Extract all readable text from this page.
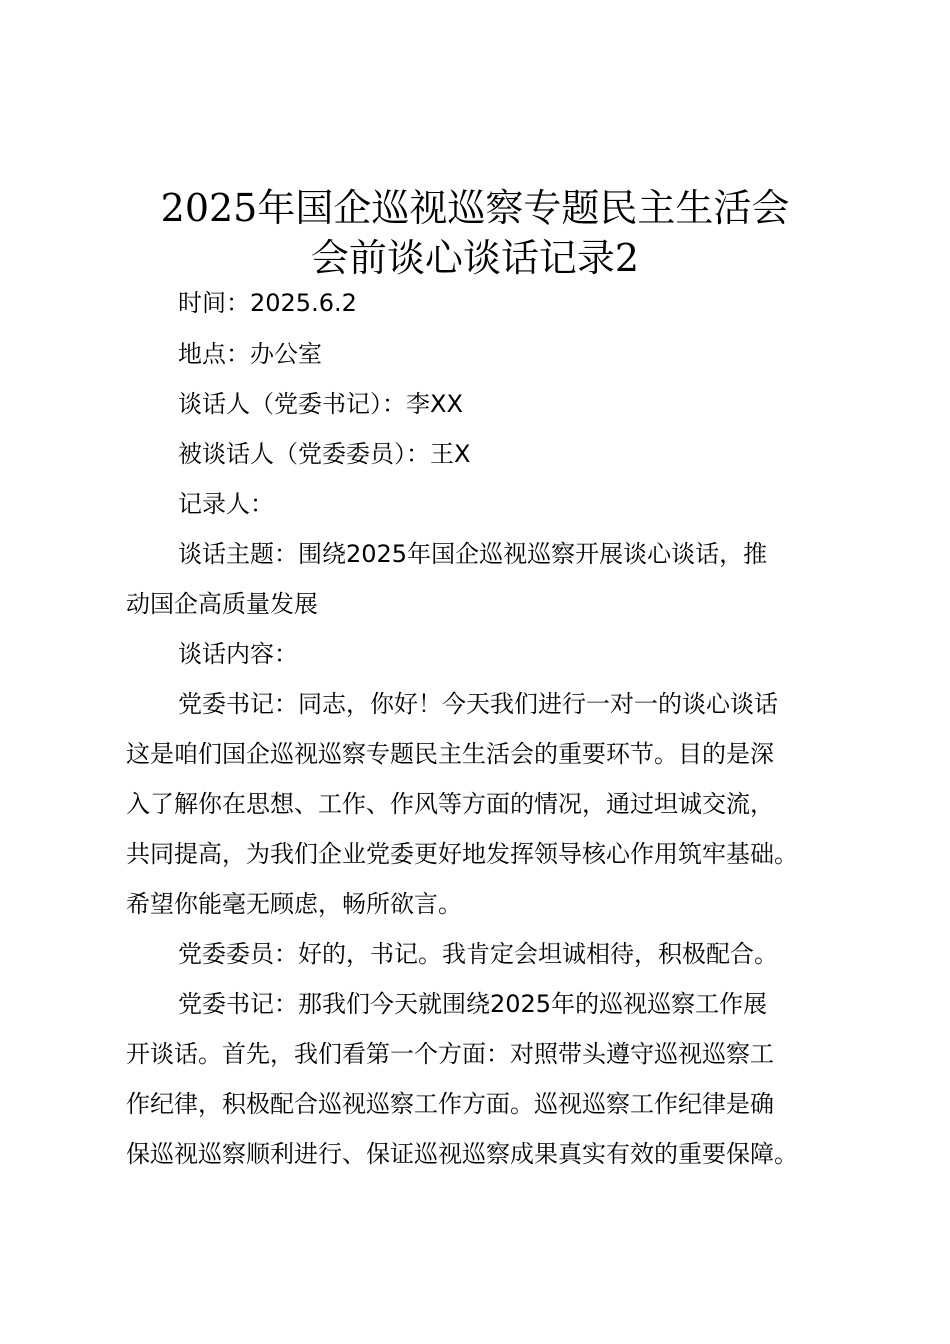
2025年国企巡视巡察专题民主生活会
会前谈心谈话记录2
时间：2025.6.2
地点：办公室
谈话人（党委书记）：李XX
被谈话人（党委委员）：王X
记录人：
谈话主题：围绕2025年国企巡视巡察开展谈心谈话，推
动国企高质量发展
谈话内容：
党委书记：同志，你好！今天我们进行一对一的谈心谈话
这是咱们国企巡视巡察专题民主生活会的重要环节。目的是深
入了解你在思想、工作、作风等方面的情况，通过坦诚交流，
共同提高，为我们企业党委更好地发挥领导核心作用筑牢基础。
希望你能毫无顾虑，畅所欲言。
党委委员：好的，书记。我肯定会坦诚相待，积极配合。
党委书记：那我们今天就围绕2025年的巡视巡察工作展
开谈话。首先，我们看第一个方面：对照带头遵守巡视巡察工
作纪律，积极配合巡视巡察工作方面。巡视巡察工作纪律是确
保巡视巡察顺利进行、保证巡视巡察成果真实有效的重要保障。
